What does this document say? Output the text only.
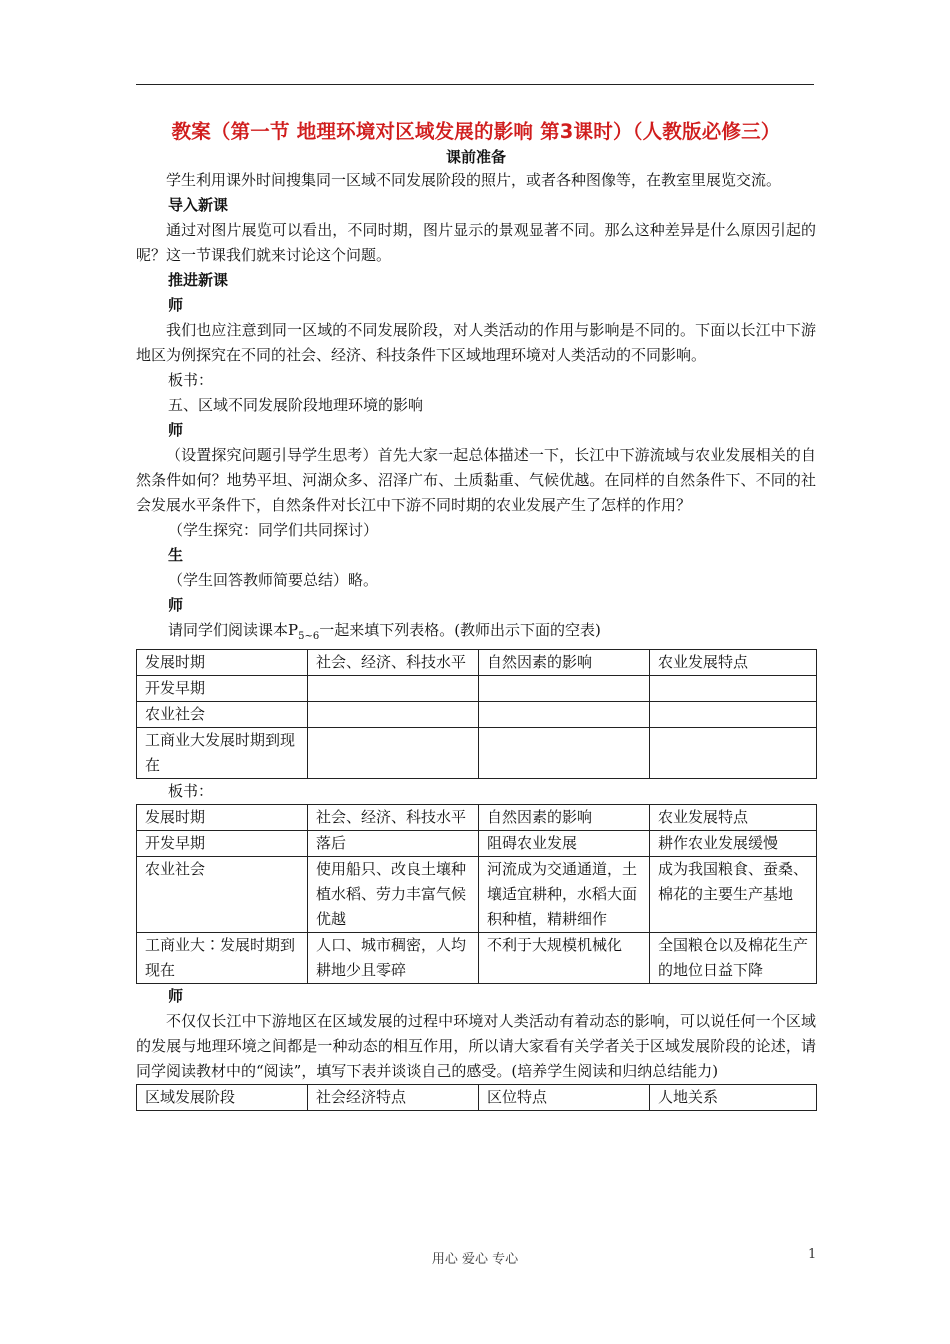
教案（第一节 地理环境对区域发展的影响 第3课时）（人教版必修三）
课前准备

学生利用课外时间搜集同一区域不同发展阶段的照片，或者各种图像等，在教室里展览交流。

导入新课

通过对图片展览可以看出，不同时期，图片显示的景观显著不同。那么这种差异是什么原因引起的呢？这一节课我们就来讨论这个问题。

推进新课
师

我们也应注意到同一区域的不同发展阶段，对人类活动的作用与影响是不同的。下面以长江中下游地区为例探究在不同的社会、经济、科技条件下区域地理环境对人类活动的不同影响。

板书：
五、区域不同发展阶段地理环境的影响
师

（设置探究问题引导学生思考）首先大家一起总体描述一下，长江中下游流域与农业发展相关的自然条件如何？地势平坦、河湖众多、沼泽广布、土质黏重、气候优越。在同样的自然条件下、不同的社会发展水平条件下，自然条件对长江中下游不同时期的农业发展产生了怎样的作用？

（学生探究：同学们共同探讨）
生
（学生回答教师简要总结）略。
师
请同学们阅读课本$P_{5\sim 6}$一起来填下列表格。(教师出示下面的空表)
发展时期	社会、经济、科技水平	自然因素的影响	农业发展特点
开发早期			
农业社会			
工商业大发展时期到现在			
板书：
发展时期	社会、经济、科技水平	自然因素的影响	农业发展特点
开发早期	落后	阻碍农业发展	耕作农业发展缓慢
农业社会	使用船只、改良土壤种植水稻、劳力丰富气候优越	河流成为交通通道，土壤适宜耕种，水稻大面积种植，精耕细作	成为我国粮食、蚕桑、棉花的主要生产基地
工商业大∶发展时期到现在	人口、城市稠密，人均耕地少且零碎	不利于大规模机械化	全国粮仓以及棉花生产的地位日益下降
师

不仅仅长江中下游地区在区域发展的过程中环境对人类活动有着动态的影响，可以说任何一个区域的发展与地理环境之间都是一种动态的相互作用，所以请大家看有关学者关于区域发展阶段的论述，请同学阅读教材中的“阅读”，填写下表并谈谈自己的感受。(培养学生阅读和归纳总结能力)

区域发展阶段	社会经济特点	区位特点	人地关系
用心 爱心 专心	1
